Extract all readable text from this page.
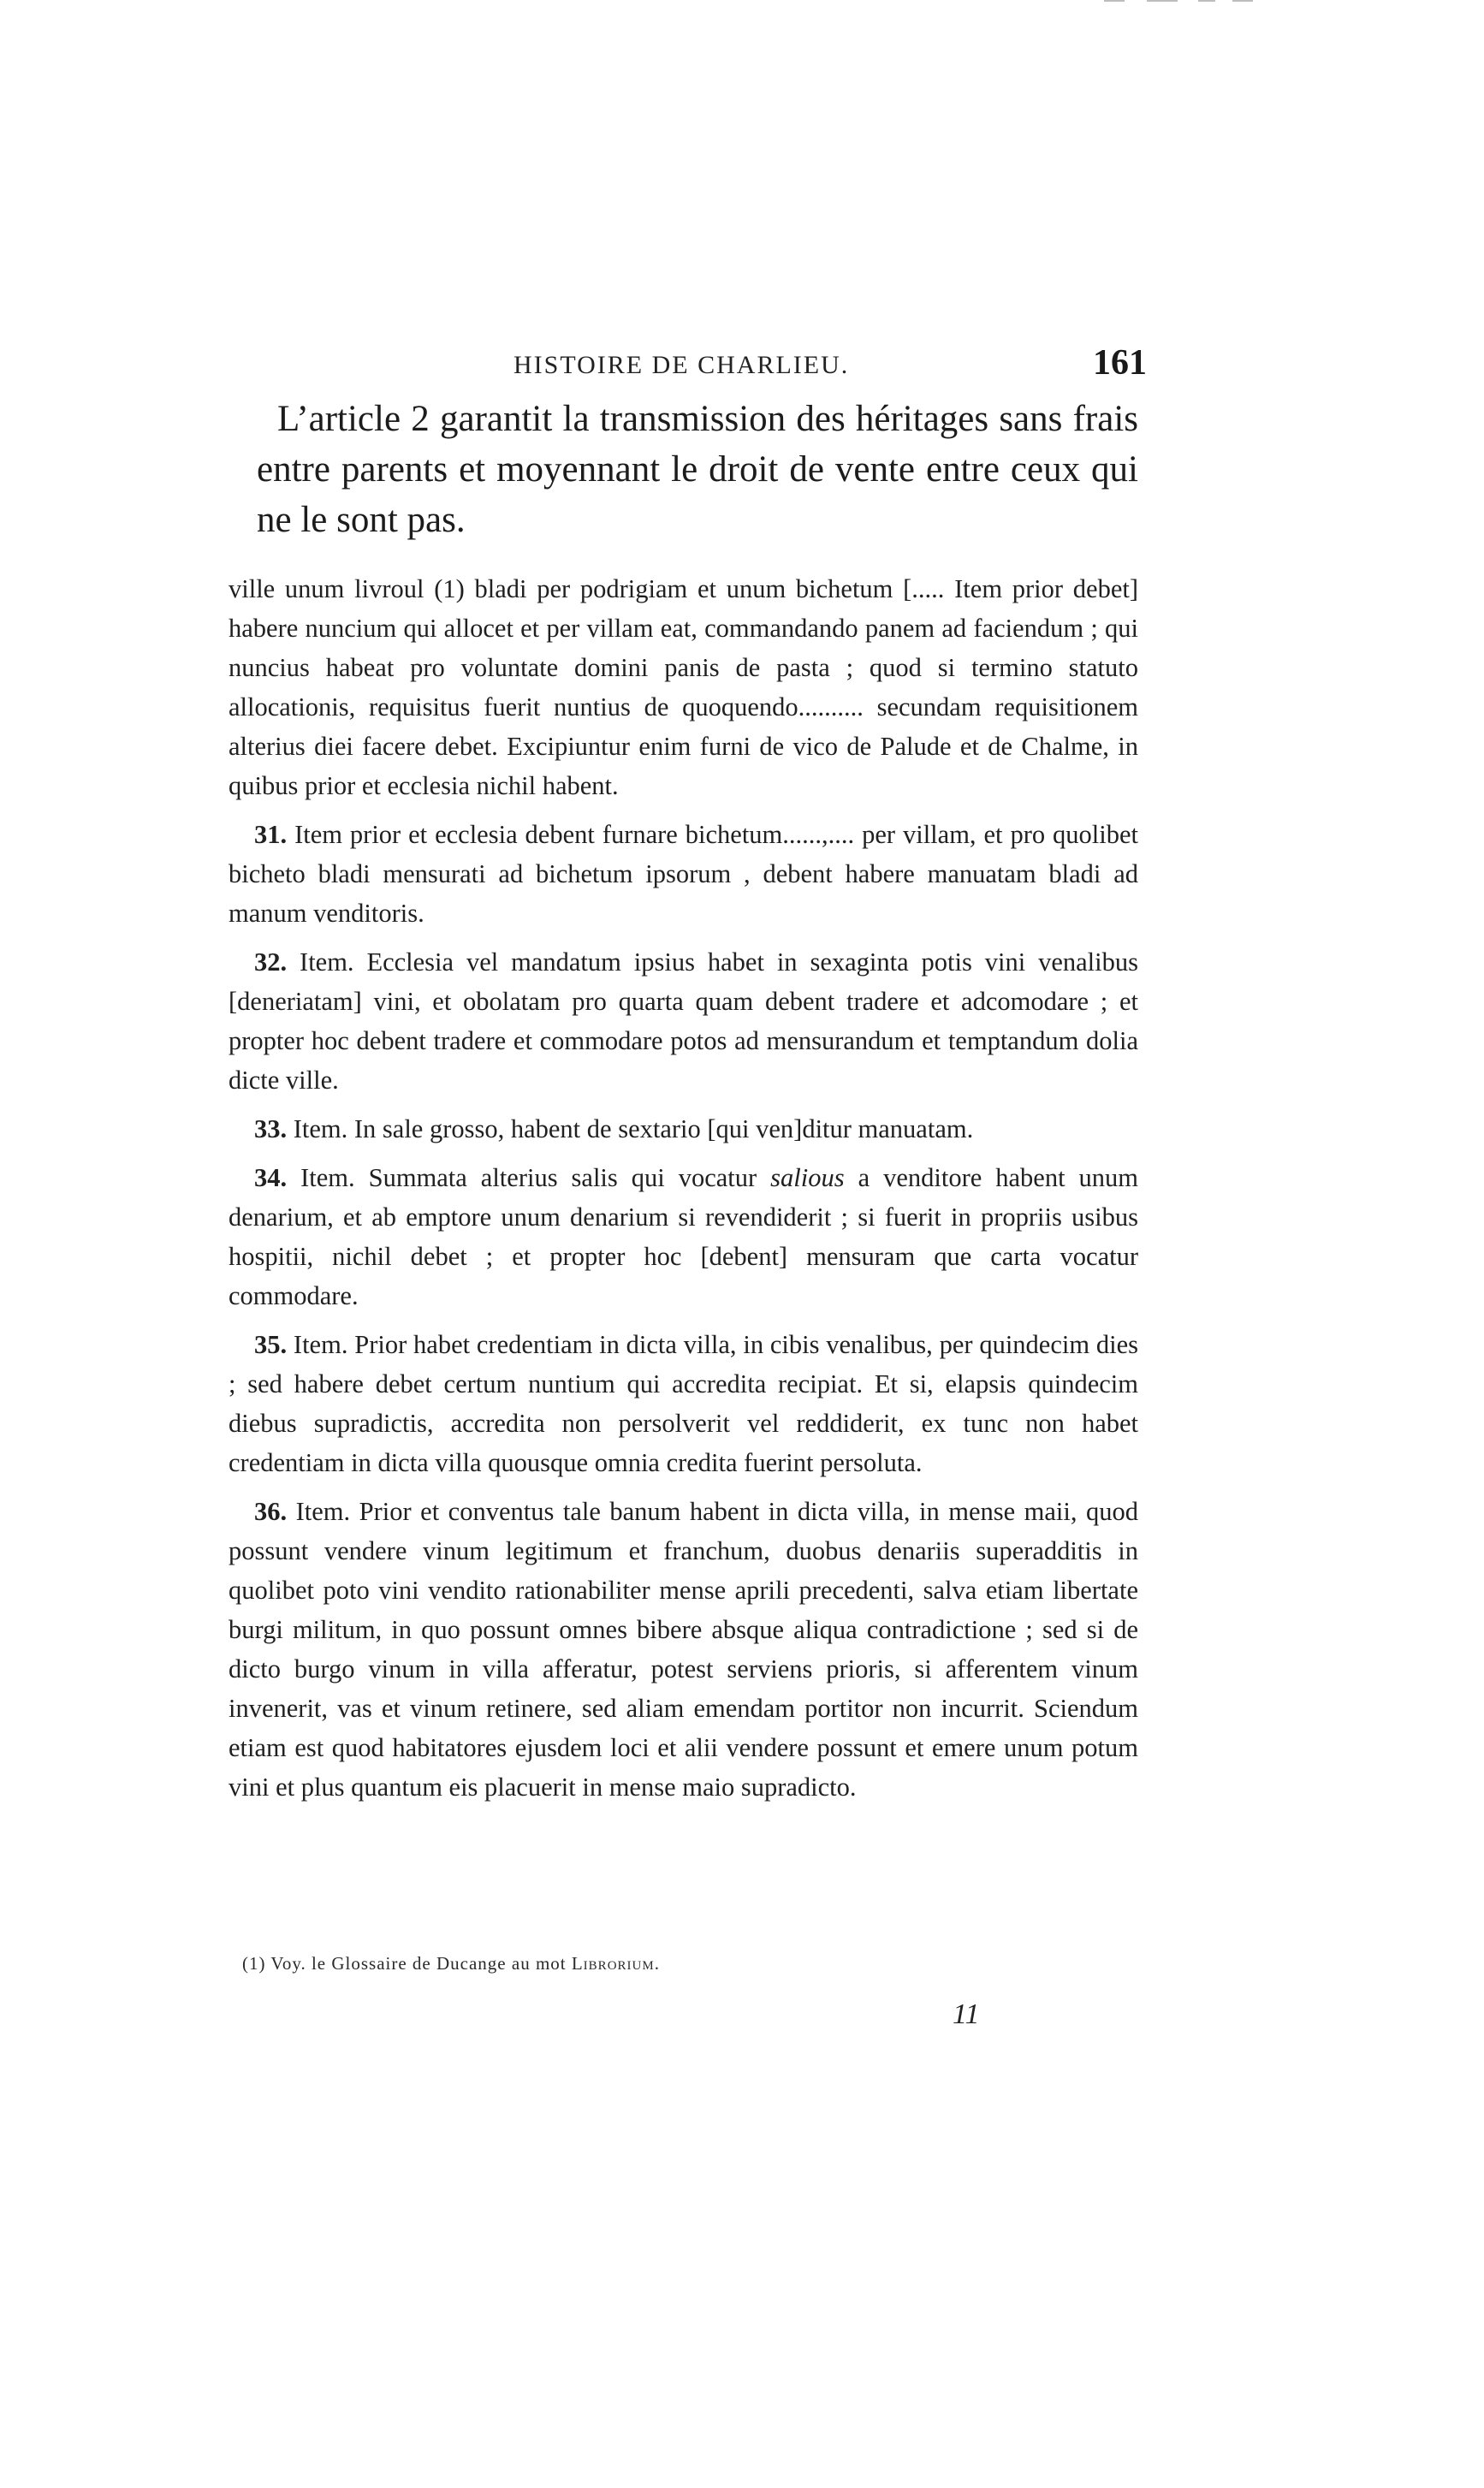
HISTOIRE DE CHARLIEU.	161
L’article 2 garantit la transmission des héritages sans frais entre parents et moyennant le droit de vente entre ceux qui ne le sont pas.

ville unum livroul (1) bladi per podrigiam et unum bichetum [..... Item prior debet] habere nuncium qui allocet et per villam eat, commandando panem ad faciendum ; qui nuncius habeat pro voluntate domini panis de pasta ; quod si termino statuto allocationis, requisitus fuerit nuntius de quoquendo.......... secundam requisitionem alterius diei facere debet. Excipiuntur enim furni de vico de Palude et de Chalme, in quibus prior et ecclesia nichil habent.

31. Item prior et ecclesia debent furnare bichetum......,.... per villam, et pro quolibet bicheto bladi mensurati ad bichetum ipsorum , debent habere manuatam bladi ad manum venditoris.

32. Item. Ecclesia vel mandatum ipsius habet in sexaginta potis vini venalibus [deneriatam] vini, et obolatam pro quarta quam debent tradere et adcomodare ; et propter hoc debent tradere et commodare potos ad mensurandum et temptandum dolia dicte ville.

33. Item. In sale grosso, habent de sextario [qui ven]ditur manuatam.

34. Item. Summata alterius salis qui vocatur salious a venditore habent unum denarium, et ab emptore unum denarium si revendiderit ; si fuerit in propriis usibus hospitii, nichil debet ; et propter hoc [debent] mensuram que carta vocatur commodare.

35. Item. Prior habet credentiam in dicta villa, in cibis venalibus, per quindecim dies ; sed habere debet certum nuntium qui accredita recipiat. Et si, elapsis quindecim diebus supradictis, accredita non persolverit vel reddiderit, ex tunc non habet credentiam in dicta villa quousque omnia credita fuerint persoluta.

36. Item. Prior et conventus tale banum habent in dicta villa, in mense maii, quod possunt vendere vinum legitimum et franchum, duobus denariis superadditis in quolibet poto vini vendito rationabiliter mense aprili precedenti, salva etiam libertate burgi militum, in quo possunt omnes bibere absque aliqua contradictione ; sed si de dicto burgo vinum in villa afferatur, potest serviens prioris, si afferentem vinum invenerit, vas et vinum retinere, sed aliam emendam portitor non incurrit. Sciendum etiam est quod habitatores ejusdem loci et alii vendere possunt et emere unum potum vini et plus quantum eis placuerit in mense maio supradicto.

(1) Voy. le Glossaire de Ducange au mot Librorium.
11
